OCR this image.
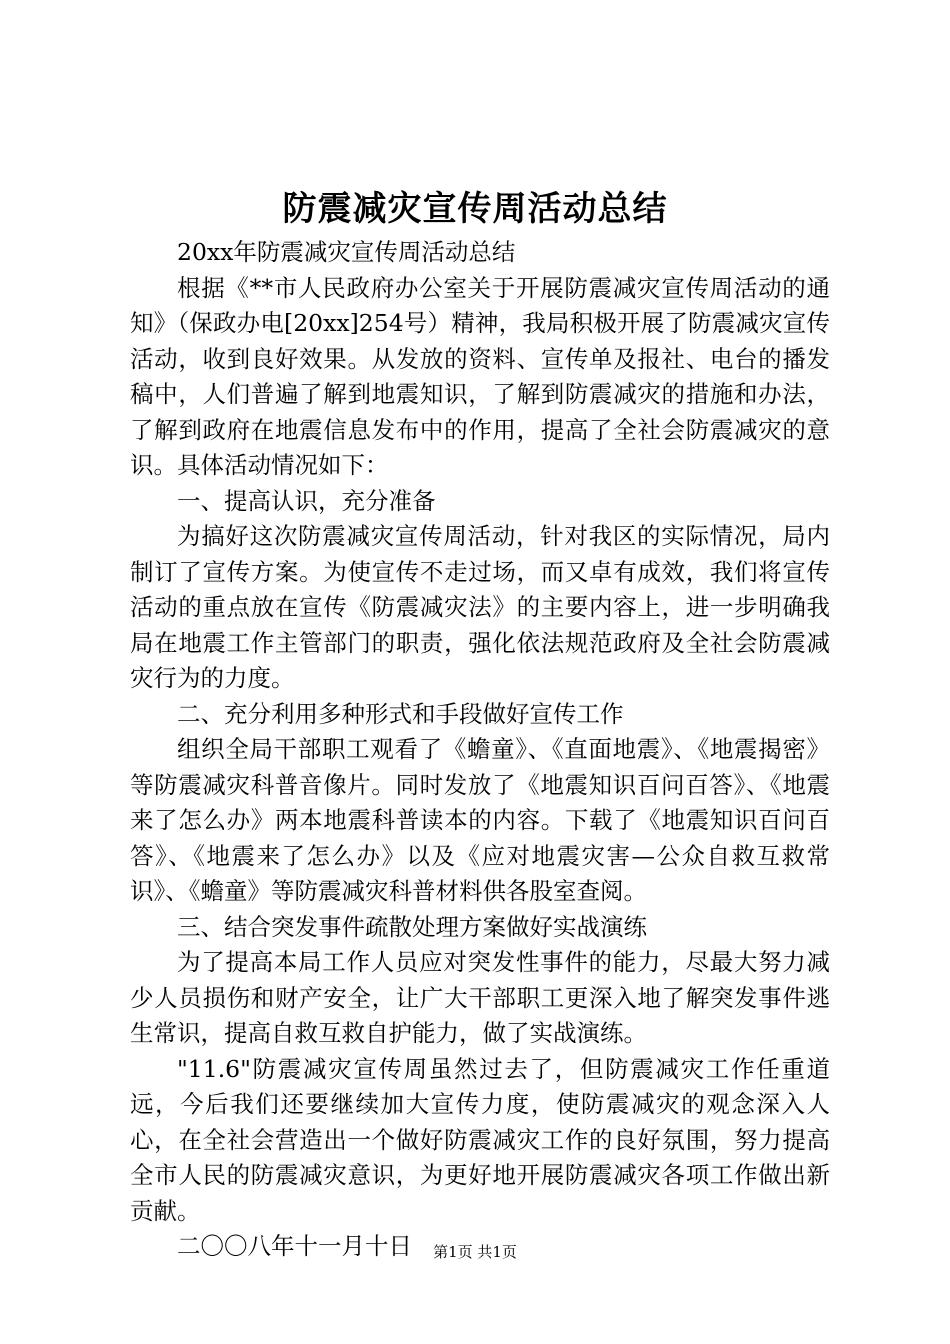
防震减灾宣传周活动总结

20xx年防震减灾宣传周活动总结

根据《**市人民政府办公室关于开展防震减灾宣传周活动的通知》（保政办电[20xx]254号）精神，我局积极开展了防震减灾宣传活动，收到良好效果。从发放的资料、宣传单及报社、电台的播发稿中，人们普遍了解到地震知识，了解到防震减灾的措施和办法，了解到政府在地震信息发布中的作用，提高了全社会防震减灾的意识。具体活动情况如下：

一、提高认识，充分准备

为搞好这次防震减灾宣传周活动，针对我区的实际情况，局内制订了宣传方案。为使宣传不走过场，而又卓有成效，我们将宣传活动的重点放在宣传《防震减灾法》的主要内容上，进一步明确我局在地震工作主管部门的职责，强化依法规范政府及全社会防震减灾行为的力度。

二、充分利用多种形式和手段做好宣传工作

组织全局干部职工观看了《蟾童》、《直面地震》、《地震揭密》等防震减灾科普音像片。同时发放了《地震知识百问百答》、《地震来了怎么办》两本地震科普读本的内容。下载了《地震知识百问百答》、《地震来了怎么办》以及《应对地震灾害—公众自救互救常识》、《蟾童》等防震减灾科普材料供各股室查阅。

三、结合突发事件疏散处理方案做好实战演练

为了提高本局工作人员应对突发性事件的能力，尽最大努力减少人员损伤和财产安全，让广大干部职工更深入地了解突发事件逃生常识，提高自救互救自护能力，做了实战演练。

"11.6"防震减灾宣传周虽然过去了，但防震减灾工作任重道远，今后我们还要继续加大宣传力度，使防震减灾的观念深入人心，在全社会营造出一个做好防震减灾工作的良好氛围，努力提高全市人民的防震减灾意识，为更好地开展防震减灾各项工作做出新贡献。

二〇〇八年十一月十日	第1页 共1页
